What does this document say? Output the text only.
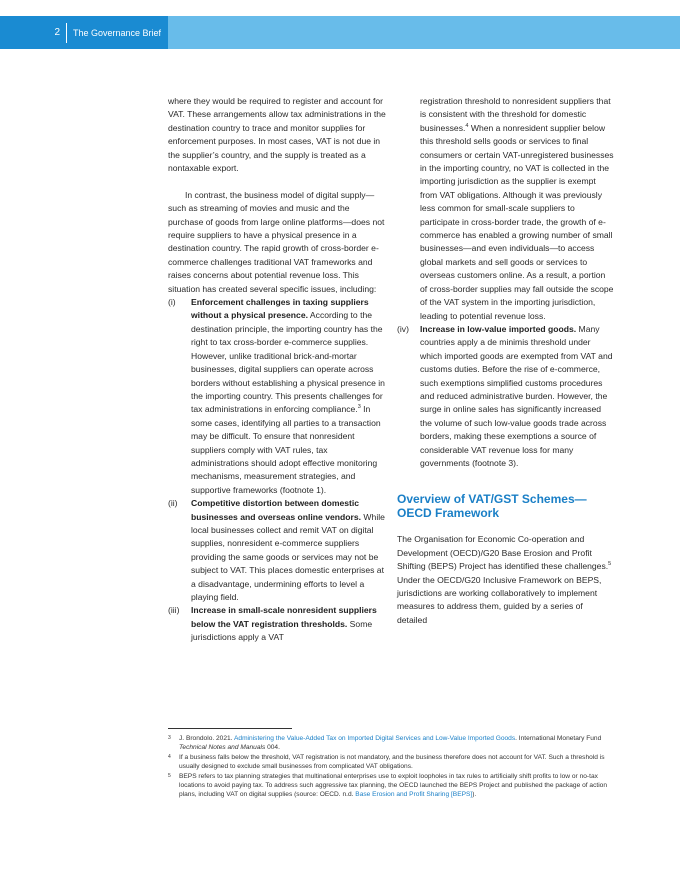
2	The Governance Brief

where they would be required to register and account for VAT. These arrangements allow tax administrations in the destination country to trace and monitor supplies for enforcement purposes. In most cases, VAT is not due in the supplier’s country, and the supply is treated as a nontaxable export.

In contrast, the business model of digital supply—such as streaming of movies and music and the purchase of goods from large online platforms—does not require suppliers to have a physical presence in a destination country. The rapid growth of cross-border e-commerce challenges traditional VAT frameworks and raises concerns about potential revenue loss. This situation has created several specific issues, including:

(i) Enforcement challenges in taxing suppliers without a physical presence. According to the destination principle, the importing country has the right to tax cross-border e-commerce supplies. However, unlike traditional brick-and-mortar businesses, digital suppliers can operate across borders without establishing a physical presence in the importing country. This presents challenges for tax administrations in enforcing compliance.$^3$ In some cases, identifying all parties to a transaction may be difficult. To ensure that nonresident suppliers comply with VAT rules, tax administrations should adopt effective monitoring mechanisms, measurement strategies, and supportive frameworks (footnote 1).
(ii) Competitive distortion between domestic businesses and overseas online vendors. While local businesses collect and remit VAT on digital supplies, nonresident e-commerce suppliers providing the same goods or services may not be subject to VAT. This places domestic enterprises at a disadvantage, undermining efforts to level a playing field.
(iii) Increase in small-scale nonresident suppliers below the VAT registration thresholds. Some jurisdictions apply a VAT
registration threshold to nonresident suppliers that is consistent with the threshold for domestic businesses.$^4$ When a nonresident supplier below this threshold sells goods or services to final consumers or certain VAT-unregistered businesses in the importing country, no VAT is collected in the importing jurisdiction as the supplier is exempt from VAT obligations. Although it was previously less common for small-scale suppliers to participate in cross-border trade, the growth of e-commerce has enabled a growing number of small businesses—and even individuals—to access global markets and sell goods or services to overseas customers online. As a result, a portion of cross-border supplies may fall outside the scope of the VAT system in the importing jurisdiction, leading to potential revenue loss.
(iv) Increase in low-value imported goods. Many countries apply a de minimis threshold under which imported goods are exempted from VAT and customs duties. Before the rise of e-commerce, such exemptions simplified customs procedures and reduced administrative burden. However, the surge in online sales has significantly increased the volume of such low-value goods trade across borders, making these exemptions a source of considerable VAT revenue loss for many governments (footnote 3).
Overview of VAT/GST Schemes—OECD Framework

The Organisation for Economic Co-operation and Development (OECD)/G20 Base Erosion and Profit Shifting (BEPS) Project has identified these challenges.$^5$ Under the OECD/G20 Inclusive Framework on BEPS, jurisdictions are working collaboratively to implement measures to address them, guided by a series of detailed

3 J. Brondolo. 2021. Administering the Value-Added Tax on Imported Digital Services and Low-Value Imported Goods. International Monetary Fund Technical Notes and Manuals 004.
4 If a business falls below the threshold, VAT registration is not mandatory, and the business therefore does not account for VAT. Such a threshold is usually designed to exclude small businesses from complicated VAT obligations.
5 BEPS refers to tax planning strategies that multinational enterprises use to exploit loopholes in tax rules to artificially shift profits to low or no-tax locations to avoid paying tax. To address such aggressive tax planning, the OECD launched the BEPS Project and published the package of action plans, including VAT on digital supplies (source: OECD. n.d. Base Erosion and Profit Sharing [BEPS]).
